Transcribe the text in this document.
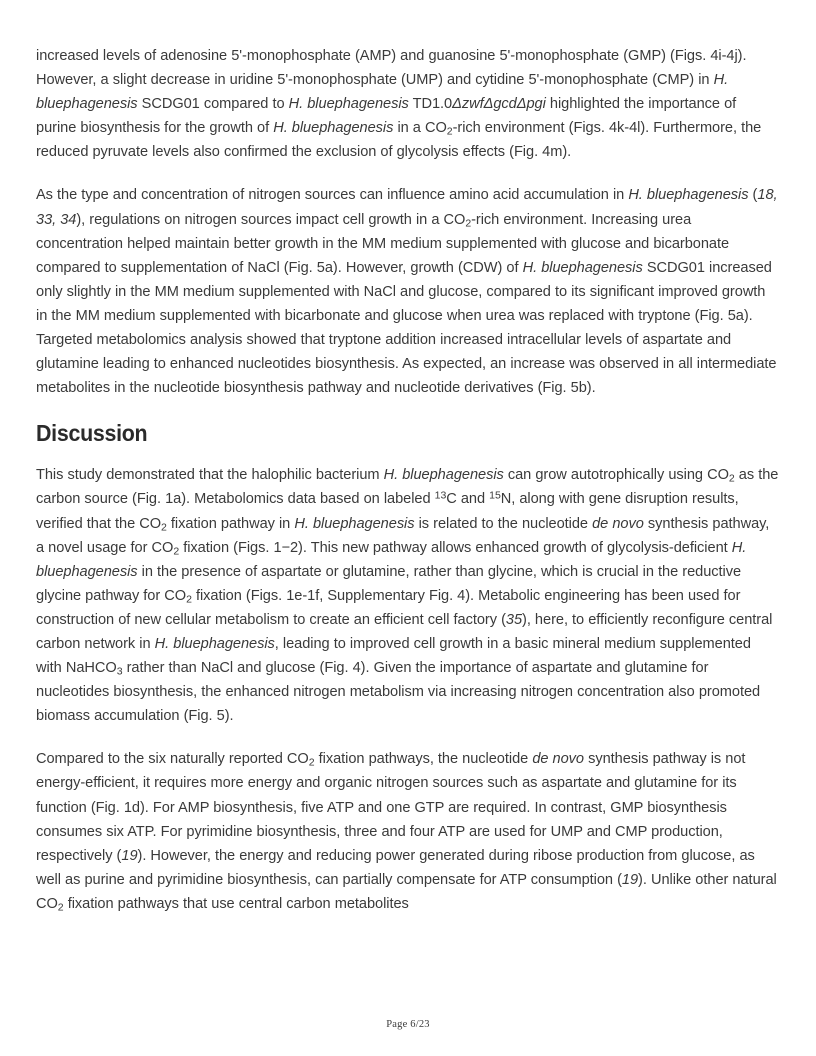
increased levels of adenosine 5'-monophosphate (AMP) and guanosine 5'-monophosphate (GMP) (Figs. 4i-4j). However, a slight decrease in uridine 5'-monophosphate (UMP) and cytidine 5'-monophosphate (CMP) in H. bluephagenesis SCDG01 compared to H. bluephagenesis TD1.0ΔzwfΔgcdΔpgi highlighted the importance of purine biosynthesis for the growth of H. bluephagenesis in a $CO_2$-rich environment (Figs. 4k-4l). Furthermore, the reduced pyruvate levels also confirmed the exclusion of glycolysis effects (Fig. 4m).

As the type and concentration of nitrogen sources can influence amino acid accumulation in H. bluephagenesis (18, 33, 34), regulations on nitrogen sources impact cell growth in a $CO_2$-rich environment. Increasing urea concentration helped maintain better growth in the MM medium supplemented with glucose and bicarbonate compared to supplementation of NaCl (Fig. 5a). However, growth (CDW) of H. bluephagenesis SCDG01 increased only slightly in the MM medium supplemented with NaCl and glucose, compared to its significant improved growth in the MM medium supplemented with bicarbonate and glucose when urea was replaced with tryptone (Fig. 5a). Targeted metabolomics analysis showed that tryptone addition increased intracellular levels of aspartate and glutamine leading to enhanced nucleotides biosynthesis. As expected, an increase was observed in all intermediate metabolites in the nucleotide biosynthesis pathway and nucleotide derivatives (Fig. 5b).

Discussion

This study demonstrated that the halophilic bacterium H. bluephagenesis can grow autotrophically using $CO_2$ as the carbon source (Fig. 1a). Metabolomics data based on labeled $^{13}$C and $^{15}$N, along with gene disruption results, verified that the $CO_2$ fixation pathway in H. bluephagenesis is related to the nucleotide de novo synthesis pathway, a novel usage for $CO_2$ fixation (Figs. 1−2). This new pathway allows enhanced growth of glycolysis-deficient H. bluephagenesis in the presence of aspartate or glutamine, rather than glycine, which is crucial in the reductive glycine pathway for $CO_2$ fixation (Figs. 1e-1f, Supplementary Fig. 4). Metabolic engineering has been used for construction of new cellular metabolism to create an efficient cell factory (35), here, to efficiently reconfigure central carbon network in H. bluephagenesis, leading to improved cell growth in a basic mineral medium supplemented with NaHCO$_3$ rather than NaCl and glucose (Fig. 4). Given the importance of aspartate and glutamine for nucleotides biosynthesis, the enhanced nitrogen metabolism via increasing nitrogen concentration also promoted biomass accumulation (Fig. 5).

Compared to the six naturally reported $CO_2$ fixation pathways, the nucleotide de novo synthesis pathway is not energy-efficient, it requires more energy and organic nitrogen sources such as aspartate and glutamine for its function (Fig. 1d). For AMP biosynthesis, five ATP and one GTP are required. In contrast, GMP biosynthesis consumes six ATP. For pyrimidine biosynthesis, three and four ATP are used for UMP and CMP production, respectively (19). However, the energy and reducing power generated during ribose production from glucose, as well as purine and pyrimidine biosynthesis, can partially compensate for ATP consumption (19). Unlike other natural $CO_2$ fixation pathways that use central carbon metabolites

Page 6/23
